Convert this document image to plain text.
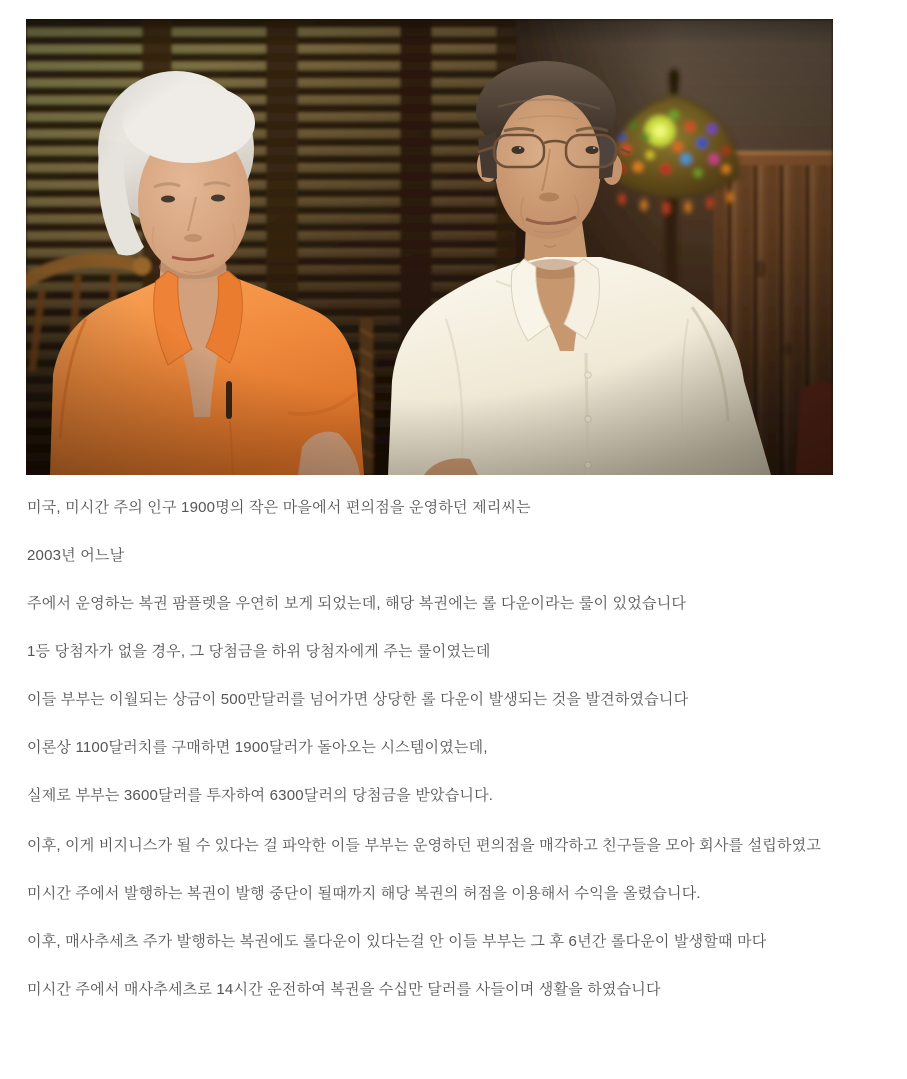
미국, 미시간 주의 인구 1900명의 작은 마을에서 편의점을 운영하던 제리씨는

2003년 어느날

주에서 운영하는 복권 팜플렛을 우연히 보게 되었는데, 해당 복권에는 롤 다운이라는 룰이 있었습니다

1등 당첨자가 없을 경우, 그 당첨금을 하위 당첨자에게 주는 룰이였는데

이들 부부는 이월되는 상금이 500만달러를 넘어가면 상당한 롤 다운이 발생되는 것을 발견하였습니다

이론상 1100달러치를 구매하면 1900달러가 돌아오는 시스템이였는데,

실제로 부부는 3600달러를 투자하여 6300달러의 당첨금을 받았습니다.

이후, 이게 비지니스가 될 수 있다는 걸 파악한 이들 부부는 운영하던 편의점을 매각하고 친구들을 모아 회사를 설립하였고

미시간 주에서 발행하는 복권이 발행 중단이 될때까지 해당 복권의 허점을 이용해서 수익을 올렸습니다.

이후, 매사추세츠 주가 발행하는 복권에도 롤다운이 있다는걸 안 이들 부부는 그 후 6년간 롤다운이 발생할때 마다

미시간 주에서 매사추세츠로 14시간 운전하여 복권을 수십만 달러를 사들이며 생활을 하였습니다
